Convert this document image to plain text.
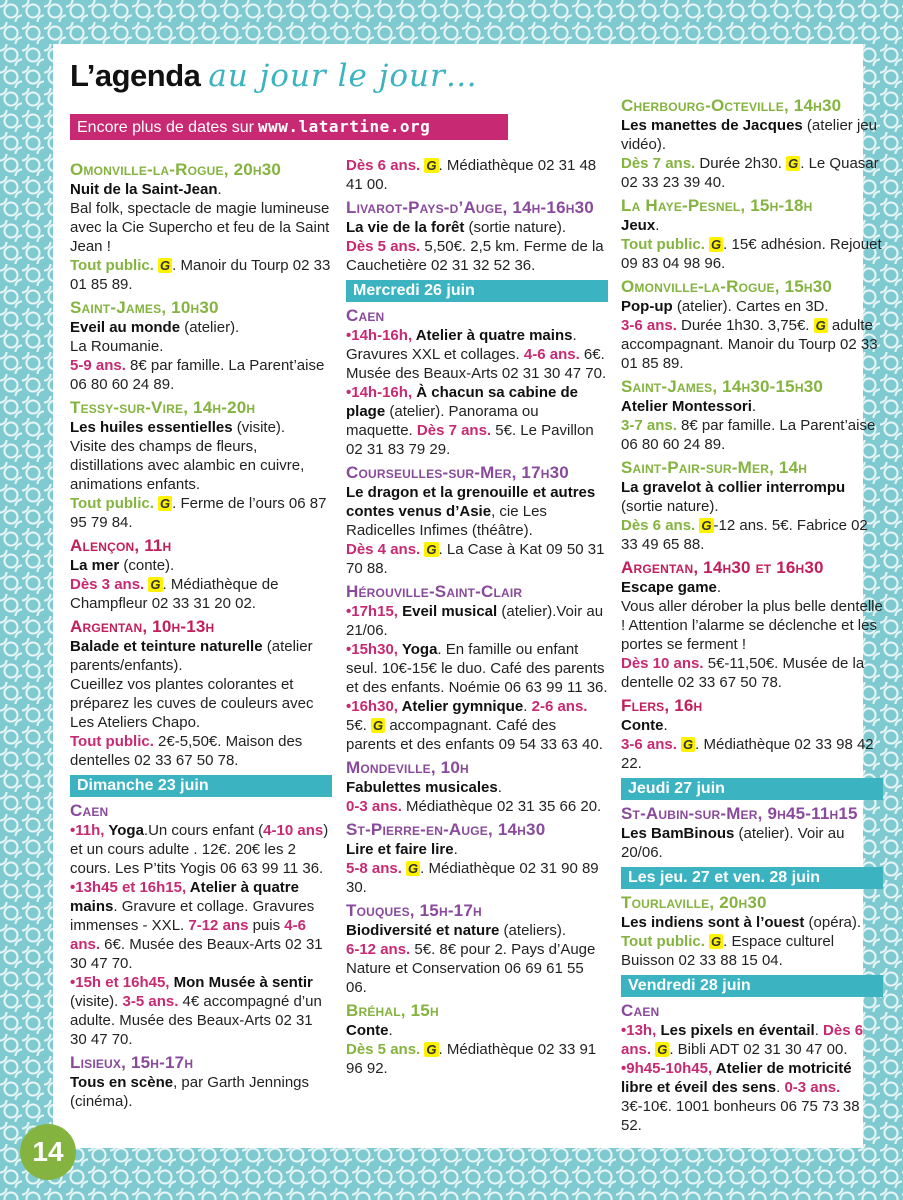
L’agenda au jour le jour…
Encore plus de dates sur www.latartine.org
Omonville-la-Rogue, 20h30

Nuit de la Saint-Jean.

Bal folk, spectacle de magie lumineuse avec la Cie Supercho et feu de la Saint Jean !

Tout public. G . Manoir du Tourp 02 33 01 85 89.

Saint-James, 10h30

Eveil au monde (atelier).

La Roumanie.

5-9 ans. 8€ par famille. La Parent’aise 06 80 60 24 89.

Tessy-sur-Vire, 14h-20h

Les huiles essentielles (visite).

Visite des champs de fleurs, distillations avec alambic en cuivre, animations enfants.

Tout public. G . Ferme de l’ours 06 87 95 79 84.

Alençon, 11h

La mer (conte).

Dès 3 ans. G . Médiathèque de Champfleur 02 33 31 20 02.

Argentan, 10h-13h

Balade et teinture naturelle (atelier parents/enfants).

Cueillez vos plantes colorantes et préparez les cuves de couleurs avec Les Ateliers Chapo.

Tout public. 2€-5,50€. Maison des dentelles 02 33 67 50 78.

Dimanche 23 juin
Caen

•11h, Yoga.Un cours enfant (4-10 ans) et un cours adulte . 12€. 20€ les 2 cours. Les P’tits Yogis 06 63 99 11 36.

•13h45 et 16h15, Atelier à quatre mains. Gravure et collage. Gravures immenses - XXL. 7-12 ans puis 4-6 ans. 6€. Musée des Beaux-Arts 02 31 30 47 70.

•15h et 16h45, Mon Musée à sentir (visite). 3-5 ans. 4€ accompagné d’un adulte. Musée des Beaux-Arts 02 31 30 47 70.

Lisieux, 15h-17h

Tous en scène, par Garth Jennings (cinéma).

Dès 6 ans. G . Médiathèque 02 31 48 41 00.

Livarot-Pays-d’Auge, 14h-16h30

La vie de la forêt (sortie nature).

Dès 5 ans. 5,50€. 2,5 km. Ferme de la Cauchetière 02 31 32 52 36.

Mercredi 26 juin
Caen

•14h-16h, Atelier à quatre mains. Gravures XXL et collages. 4-6 ans. 6€. Musée des Beaux-Arts 02 31 30 47 70.

•14h-16h, À chacun sa cabine de plage (atelier). Panorama ou maquette. Dès 7 ans. 5€. Le Pavillon 02 31 83 79 29.

Courseulles-sur-Mer, 17h30

Le dragon et la grenouille et autres contes venus d’Asie, cie Les Radicelles Infimes (théâtre).

Dès 4 ans. G . La Case à Kat 09 50 31 70 88.

Hérouville-Saint-Clair

•17h15, Eveil musical (atelier).Voir au 21/06.

•15h30, Yoga. En famille ou enfant seul. 10€-15€ le duo. Café des parents et des enfants. Noémie 06 63 99 11 36.

•16h30, Atelier gymnique. 2-6 ans. 5€. G accompagnant. Café des parents et des enfants 09 54 33 63 40.

Mondeville, 10h

Fabulettes musicales.

0-3 ans. Médiathèque 02 31 35 66 20.

St-Pierre-en-Auge, 14h30

Lire et faire lire.

5-8 ans. G . Médiathèque 02 31 90 89 30.

Touques, 15h-17h

Biodiversité et nature (ateliers).

6-12 ans. 5€. 8€ pour 2. Pays d’Auge Nature et Conservation 06 69 61 55 06.

Bréhal, 15h

Conte.

Dès 5 ans. G . Médiathèque 02 33 91 96 92.

Cherbourg-Octeville, 14h30

Les manettes de Jacques (atelier jeu vidéo).

Dès 7 ans. Durée 2h30. G . Le Quasar 02 33 23 39 40.

La Haye-Pesnel, 15h-18h

Jeux.

Tout public. G . 15€ adhésion. Rejouet 09 83 04 98 96.

Omonville-la-Rogue, 15h30

Pop-up (atelier). Cartes en 3D.

3-6 ans. Durée 1h30. 3,75€. G adulte accompagnant. Manoir du Tourp 02 33 01 85 89.

Saint-James, 14h30-15h30

Atelier Montessori.

3-7 ans. 8€ par famille. La Parent’aise 06 80 60 24 89.

Saint-Pair-sur-Mer, 14h

La gravelot à collier interrompu (sortie nature).

Dès 6 ans. G -12 ans. 5€. Fabrice 02 33 49 65 88.

Argentan, 14h30 et 16h30

Escape game.

Vous aller dérober la plus belle dentelle ! Attention l’alarme se déclenche et les portes se ferment !

Dès 10 ans. 5€-11,50€. Musée de la dentelle 02 33 67 50 78.

Flers, 16h

Conte.

3-6 ans. G . Médiathèque 02 33 98 42 22.

Jeudi 27 juin
St-Aubin-sur-Mer, 9h45-11h15

Les BamBinous (atelier). Voir au 20/06.

Les jeu. 27 et ven. 28 juin
Tourlaville, 20h30

Les indiens sont à l’ouest (opéra).

Tout public. G . Espace culturel Buisson 02 33 88 15 04.

Vendredi 28 juin
Caen

•13h, Les pixels en éventail. Dès 6 ans. G . Bibli ADT 02 31 30 47 00.

•9h45-10h45, Atelier de motricité libre et éveil des sens. 0-3 ans. 3€-10€. 1001 bonheurs 06 75 73 38 52.

14
